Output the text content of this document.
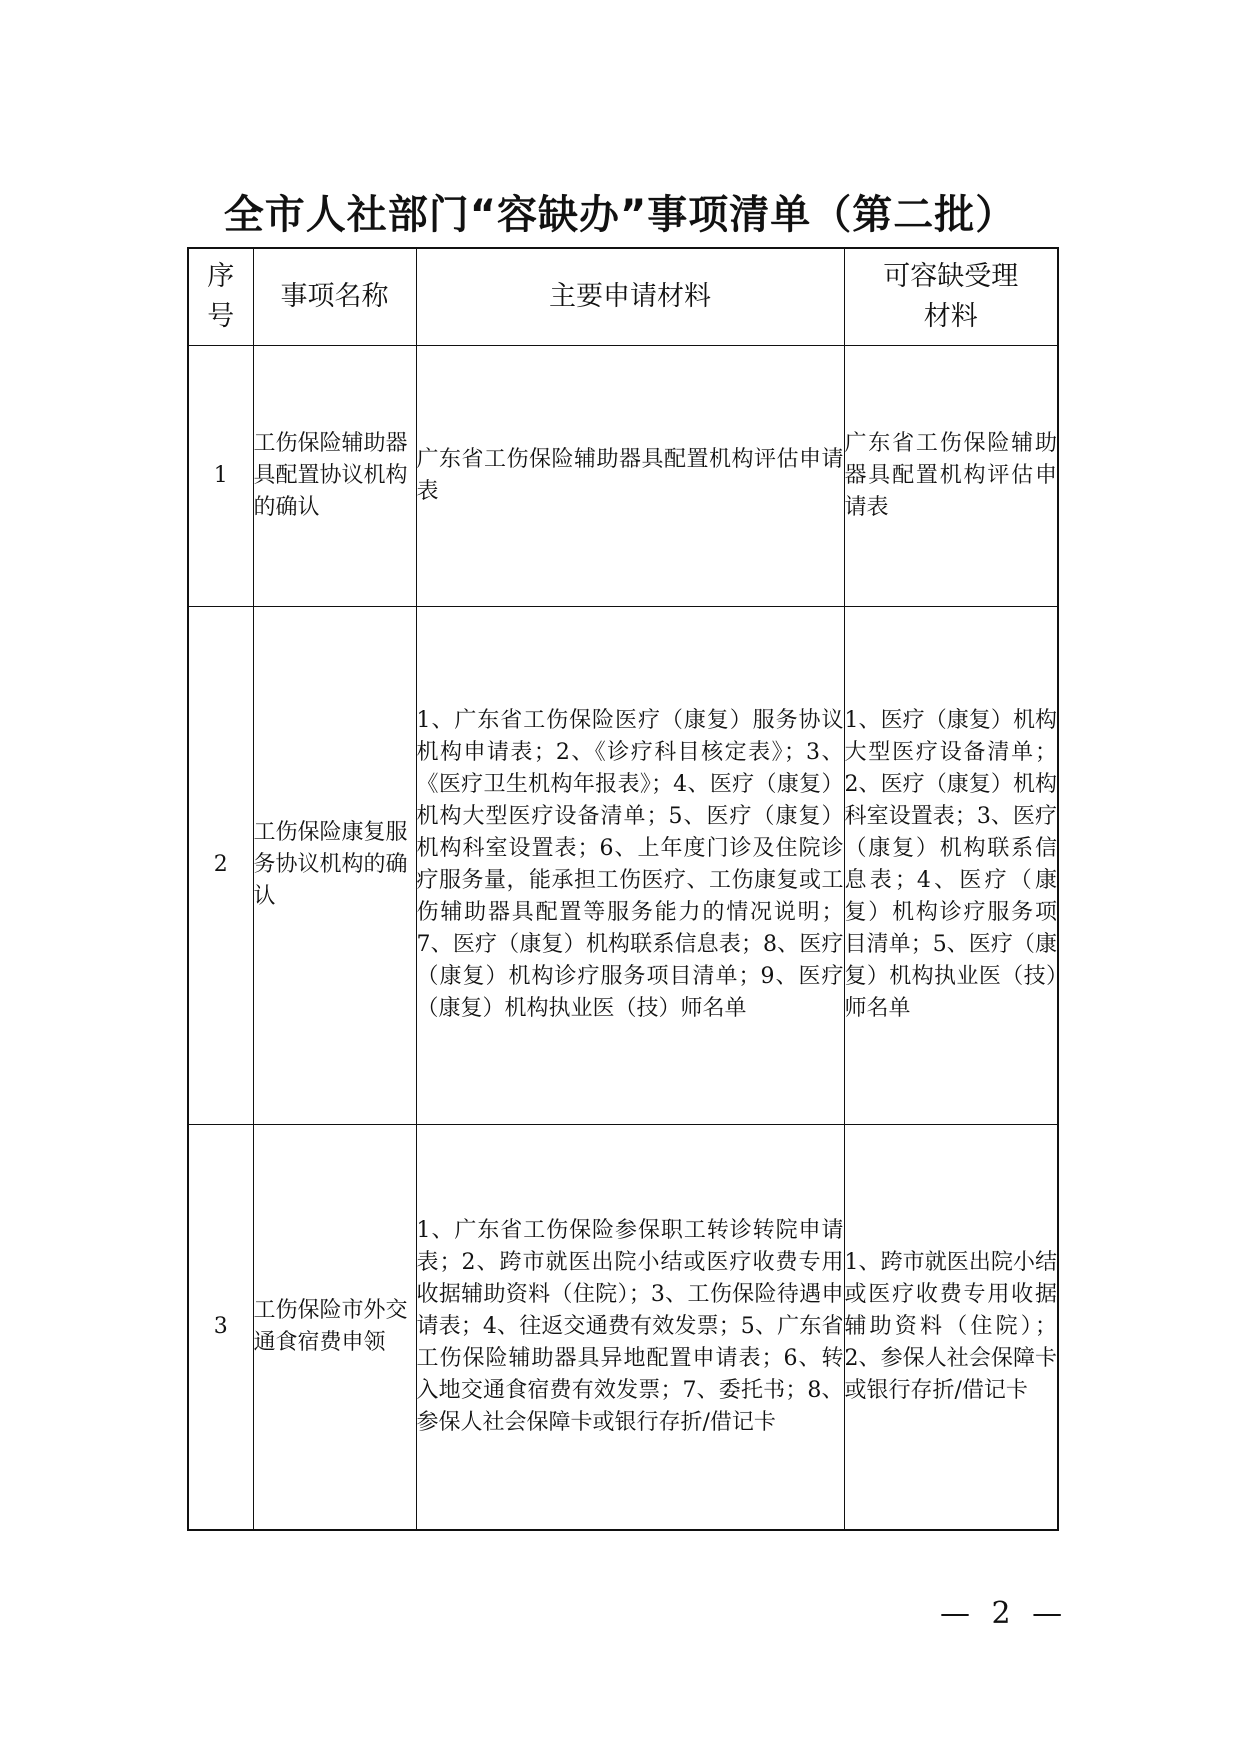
全市人社部门“容缺办”事项清单（第二批）
序号	事项名称	主要申请材料	可容缺受理材料
1	工伤保险辅助器具配置协议机构的确认	广东省工伤保险辅助器具配置机构评估申请表	广东省工伤保险辅助器具配置机构评估申请表
2	工伤保险康复服务协议机构的确认	1、广东省工伤保险医疗（康复）服务协议机构申请表；2、《诊疗科目核定表》；3、《医疗卫生机构年报表》；4、医疗（康复）机构大型医疗设备清单；5、医疗（康复）机构科室设置表；6、上年度门诊及住院诊疗服务量，能承担工伤医疗、工伤康复或工伤辅助器具配置等服务能力的情况说明；7、医疗（康复）机构联系信息表；8、医疗（康复）机构诊疗服务项目清单；9、医疗（康复）机构执业医（技）师名单	1、医疗（康复）机构大型医疗设备清单；2、医疗（康复）机构科室设置表；3、医疗（康复）机构联系信息表；4、医疗（康复）机构诊疗服务项目清单；5、医疗（康复）机构执业医（技）师名单
3	工伤保险市外交通食宿费申领	1、广东省工伤保险参保职工转诊转院申请表；2、跨市就医出院小结或医疗收费专用收据辅助资料（住院）；3、工伤保险待遇申请表；4、往返交通费有效发票；5、广东省工伤保险辅助器具异地配置申请表；6、转入地交通食宿费有效发票；7、委托书；8、参保人社会保障卡或银行存折/借记卡	1、跨市就医出院小结或医疗收费专用收据辅助资料（住院）；2、参保人社会保障卡或银行存折/借记卡
— 2 —
